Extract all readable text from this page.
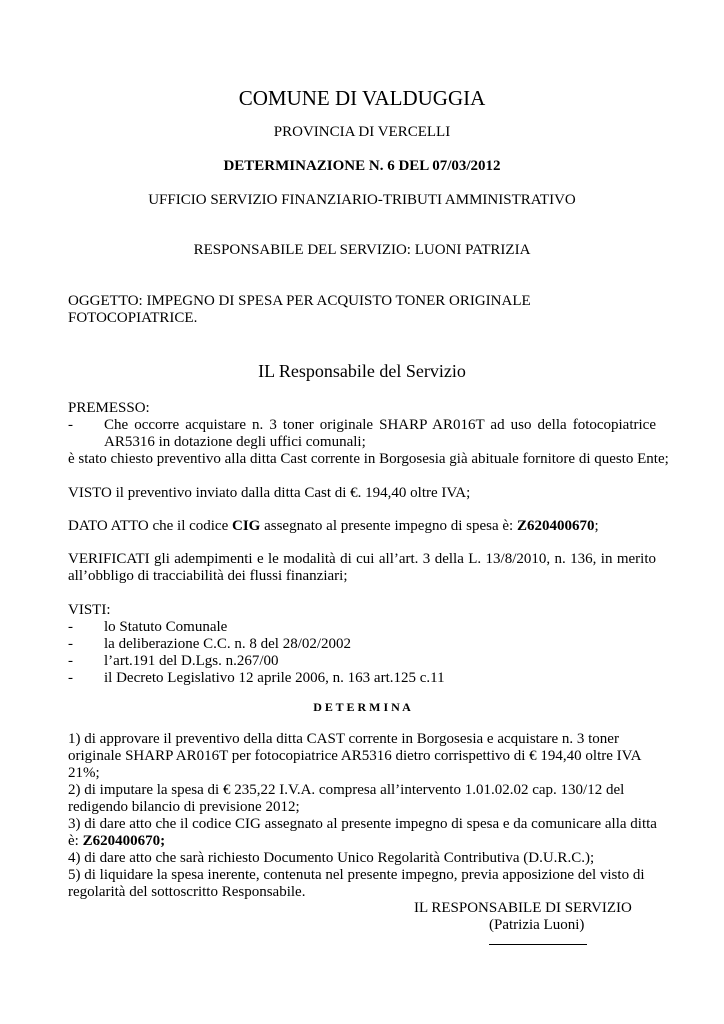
COMUNE DI VALDUGGIA
PROVINCIA DI VERCELLI
DETERMINAZIONE N. 6 DEL 07/03/2012
UFFICIO SERVIZIO FINANZIARIO-TRIBUTI AMMINISTRATIVO
RESPONSABILE DEL SERVIZIO: LUONI PATRIZIA
OGGETTO: IMPEGNO DI SPESA PER ACQUISTO TONER ORIGINALE
FOTOCOPIATRICE.
IL Responsabile del Servizio
PREMESSO:
- Che occorre acquistare n. 3 toner originale SHARP AR016T ad uso della fotocopiatrice
AR5316 in dotazione degli uffici comunali;
è stato chiesto preventivo alla ditta Cast corrente in Borgosesia già abituale fornitore di questo Ente;
VISTO il preventivo inviato dalla ditta Cast di €. 194,40 oltre IVA;
DATO ATTO che il codice CIG assegnato al presente impegno di spesa è: Z620400670;
VERIFICATI gli adempimenti e le modalità di cui all’art. 3 della L. 13/8/2010, n. 136, in merito
all’obbligo di tracciabilità dei flussi finanziari;
VISTI:
- lo Statuto Comunale
- la deliberazione C.C. n. 8 del 28/02/2002
- l’art.191 del D.Lgs. n.267/00
- il Decreto Legislativo 12 aprile 2006, n. 163 art.125 c.11
D E T E R M I N A
1) di approvare il preventivo della ditta CAST corrente in Borgosesia e acquistare n. 3 toner
originale SHARP AR016T per fotocopiatrice AR5316 dietro corrispettivo di € 194,40 oltre IVA
21%;
2) di imputare la spesa di € 235,22 I.V.A. compresa all’intervento 1.01.02.02 cap. 130/12 del
redigendo bilancio di previsione 2012;
3) di dare atto che il codice CIG assegnato al presente impegno di spesa e da comunicare alla ditta
è: Z620400670;
4) di dare atto che sarà richiesto Documento Unico Regolarità Contributiva (D.U.R.C.);
5) di liquidare la spesa inerente, contenuta nel presente impegno, previa apposizione del visto di
regolarità del sottoscritto Responsabile.
IL RESPONSABILE DI SERVIZIO
(Patrizia Luoni)
